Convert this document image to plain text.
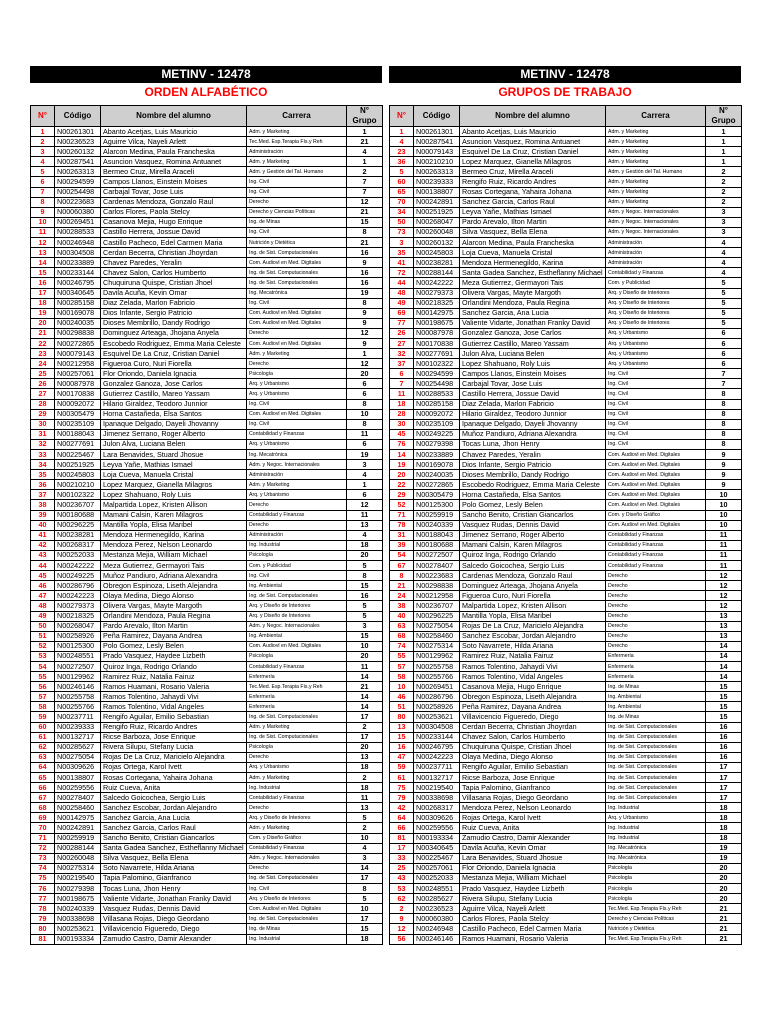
METINV - 12478
ORDEN ALFABÉTICO
N°	Código	Nombre del alumno	Carrera	N° Grupo
1	N00261301	Abanto Acetjas, Luis Mauricio	Adm. y Marketing	1
2	N00236523	Aguirre Vilca, Nayeli Arlett	Tec.Med. Esp.Terapia Fís.y Reh	21
3	N00260132	Alarcon Medina, Paula Francheska	Administración	4
4	N00287541	Asuncion Vasquez, Romina Antuanet	Adm. y Marketing	1
5	N00263313	Bermeo Cruz, Mirella Araceli	Adm. y Gestión del Tal. Humano	2
6	N00294599	Campos Llanos, Einstein Moises	Ing. Civil	7
7	N00254498	Carbajal Tovar, Jose Luis	Ing. Civil	7
8	N00223683	Cardenas Mendoza, Gonzalo Raul	Derecho	12
9	N00060380	Carlos Flores, Paola Stelcy	Derecho y Ciencias Políticas	21
10	N00269451	Casanova Mejia, Hugo Enrique	Ing. de Minas	15
11	N00288533	Castillo Herrera, Jossue David	Ing. Civil	8
12	N00246948	Castillo Pacheco, Edel Carmen Maria	Nutrición y Dietética	21
13	N00304508	Cerdan Becerra, Christian Jhoyrdan	Ing. de Sist. Computacionales	16
14	N00233889	Chavez Paredes, Yeralin	Com. Audiovl en Med. Digitales	9
15	N00233144	Chavez Salon, Carlos Humberto	Ing. de Sist. Computacionales	16
16	N00246795	Chuquiruna Quispe, Cristian Jhoel	Ing. de Sist. Computacionales	16
17	N00340645	Davila Acuña, Kevin Omar	Ing. Mecatrónica	19
18	N00285158	Diaz Zelada, Marlon Fabricio	Ing. Civil	8
19	N00169078	Dios Infante, Sergio Patricio	Com. Audiovl en Med. Digitales	9
20	N00240035	Dioses Membrillo, Dandy Rodrigo	Com. Audiovl en Med. Digitales	9
21	N00298838	Dominguez Arteaga, Jhojana Anyela	Derecho	12
22	N00272865	Escobedo Rodriguez, Emma Maria Celeste	Com. Audiovl en Med. Digitales	9
23	N00079143	Esquivel De La Cruz, Cristian Daniel	Adm. y Marketing	1
24	N00212958	Figueroa Curo, Nuri Fiorella	Derecho	12
25	N00257061	Flor Oriondo, Daniela Ignacia	Psicología	20
26	N00087978	Gonzalez Ganoza, Jose Carlos	Arq. y Urbanismo	6
27	N00170838	Gutierrez Castillo, Mareo Yassam	Arq. y Urbanismo	6
28	N00092072	Hilario Giraldez, Teodoro Junnior	Ing. Civil	8
29	N00305479	Horna Castañeda, Elsa Santos	Com. Audiovl en Med. Digitales	10
30	N00235109	Ipanaque Delgado, Dayeli Jhovanny	Ing. Civil	8
31	N00188043	Jimenez Serrano, Roger Alberto	Contabilidad y Finanzas	11
32	N00277691	Julon Alva, Luciana Belen	Arq. y Urbanismo	6
33	N00225467	Lara Benavides, Stuard Jhosue	Ing. Mecatrónica	19
34	N00251925	Leyva Yañe, Mathias Ismael	Adm. y Negoc. Internacionales	3
35	N00245803	Loja Cueva, Manuela Cristal	Administración	4
36	N00210210	Lopez Marquez, Gianella Milagros	Adm. y Marketing	1
37	N00102322	Lopez Shahuano, Roly Luis	Arq. y Urbanismo	6
38	N00236707	Malpartida Lopez, Kristen Allison	Derecho	12
39	N00180688	Mamani Calsin, Karen Milagros	Contabilidad y Finanzas	11
40	N00296225	Mantilla Yopla, Elisa Maribel	Derecho	13
41	N00238281	Mendoza Hermenegildo, Karina	Administración	4
42	N00268317	Mendoza Perez, Nelson Leonardo	Ing. Industrial	18
43	N00252033	Mestanza Mejia, William Michael	Psicología	20
44	N00242222	Meza Gutierrez, Germayori Tais	Com. y Publicidad	5
45	N00249225	Muñoz Pandiuro, Adriana Alexandra	Ing. Civil	8
46	N00286796	Obregon Espinoza, Liseth Alejandra	Ing. Ambiental	15
47	N00242223	Olaya Medina, Diego Alonso	Ing. de Sist. Computacionales	16
48	N00279373	Olivera Vargas, Mayte Margoth	Arq. y Diseño de Interiores	5
49	N00218325	Orlandini Mendoza, Paula Regina	Arq. y Diseño de Interiores	5
50	N00268047	Pardo Arevalo, Ilton Martin	Adm. y Negoc. Internacionales	3
51	N00258926	Peña Ramirez, Dayana Andrea	Ing. Ambiental	15
52	N00125300	Polo Gomez, Lesly Belen	Com. Audiovl en Med. Digitales	10
53	N00248551	Prado Vasquez, Haydee Lizbeth	Psicología	20
54	N00272507	Quiroz Inga, Rodrigo Orlando	Contabilidad y Finanzas	11
55	N00129962	Ramirez Ruiz, Natalia Fairuz	Enfermería	14
56	N00246146	Ramos Huamani, Rosario Valeria	Tec.Med. Esp.Terapia Fís.y Reh	21
57	N00255758	Ramos Tolentino, Jahaydi Vivi	Enfermería	14
58	N00255766	Ramos Tolentino, Vidal Angeles	Enfermería	14
59	N00237711	Rengifo Aguilar, Emilio Sebastian	Ing. de Sist. Computacionales	17
60	N00239333	Rengifo Ruiz, Ricardo Andres	Adm. y Marketing	2
61	N00132717	Ricse Barboza, Jose Enrique	Ing. de Sist. Computacionales	17
62	N00285627	Rivera Silupu, Stefany Lucia	Psicología	20
63	N00275054	Rojas De La Cruz, Maricielo Alejandra	Derecho	13
64	N00309626	Rojas Ortega, Karol Ivett	Arq. y Urbanismo	18
65	N00138807	Rosas Cortegana, Yahaira Johana	Adm. y Marketing	2
66	N00259556	Ruiz Cueva, Anita	Ing. Industrial	18
67	N00278407	Salcedo Goicochea, Sergio Luis	Contabilidad y Finanzas	11
68	N00258460	Sanchez Escobar, Jordan Alejandro	Derecho	13
69	N00142975	Sanchez Garcia, Ana Lucia	Arq. y Diseño de Interiores	5
70	N00242891	Sanchez Garcia, Carlos Raul	Adm. y Marketing	2
71	N00259919	Sancho Benito, Cristian Giancarlos	Com. y Diseño Gráfico	10
72	N00288144	Santa Gadea Sanchez, Estheflanny Michael	Contabilidad y Finanzas	4
73	N00260048	Silva Vasquez, Bella Elena	Adm. y Negoc. Internacionales	3
74	N00275314	Soto Navarrete, Hilda Ariana	Derecho	14
75	N00219540	Tapia Palomino, Gianfranco	Ing. de Sist. Computacionales	17
76	N00279398	Tocas Luna, Jhon Henry	Ing. Civil	8
77	N00198675	Valiente Vidarte, Jonathan Franky David	Arq. y Diseño de Interiores	5
78	N00240339	Vasquez Rudas, Dennis David	Com. Audiovl en Med. Digitales	10
79	N00338698	Villasana Rojas, Diego Geordano	Ing. de Sist. Computacionales	17
80	N00253621	Villavicencio Figueredo, Diego	Ing. de Minas	15
81	N00193334	Zamudio Castro, Damir Alexander	Ing. Industrial	18
METINV - 12478
GRUPOS DE TRABAJO
N°	Código	Nombre del alumno	Carrera	N° Grupo
1	N00261301	Abanto Acetjas, Luis Mauricio	Adm. y Marketing	1
4	N00287541	Asuncion Vasquez, Romina Antuanet	Adm. y Marketing	1
23	N00079143	Esquivel De La Cruz, Cristian Daniel	Adm. y Marketing	1
36	N00210210	Lopez Marquez, Gianella Milagros	Adm. y Marketing	1
5	N00263313	Bermeo Cruz, Mirella Araceli	Adm. y Gestión del Tal. Humano	2
60	N00239333	Rengifo Ruiz, Ricardo Andres	Adm. y Marketing	2
65	N00138807	Rosas Cortegana, Yahaira Johana	Adm. y Marketing	2
70	N00242891	Sanchez Garcia, Carlos Raul	Adm. y Marketing	2
34	N00251925	Leyva Yañe, Mathias Ismael	Adm. y Negoc. Internacionales	3
50	N00268047	Pardo Arevalo, Ilton Martin	Adm. y Negoc. Internacionales	3
73	N00260048	Silva Vasquez, Bella Elena	Adm. y Negoc. Internacionales	3
3	N00260132	Alarcon Medina, Paula Francheska	Administración	4
35	N00245803	Loja Cueva, Manuela Cristal	Administración	4
41	N00238281	Mendoza Hermenegildo, Karina	Administración	4
72	N00288144	Santa Gadea Sanchez, Estheflanny Michael	Contabilidad y Finanzas	4
44	N00242222	Meza Gutierrez, Germayori Tais	Com. y Publicidad	5
48	N00279373	Olivera Vargas, Mayte Margoth	Arq. y Diseño de Interiores	5
49	N00218325	Orlandini Mendoza, Paula Regina	Arq. y Diseño de Interiores	5
69	N00142975	Sanchez Garcia, Ana Lucia	Arq. y Diseño de Interiores	5
77	N00198675	Valiente Vidarte, Jonathan Franky David	Arq. y Diseño de Interiores	5
26	N00087978	Gonzalez Ganoza, Jose Carlos	Arq. y Urbanismo	6
27	N00170838	Gutierrez Castillo, Mareo Yassam	Arq. y Urbanismo	6
32	N00277691	Julon Alva, Luciana Belen	Arq. y Urbanismo	6
37	N00102322	Lopez Shahuano, Roly Luis	Arq. y Urbanismo	6
6	N00294599	Campos Llanos, Einstein Moises	Ing. Civil	7
7	N00254498	Carbajal Tovar, Jose Luis	Ing. Civil	7
11	N00288533	Castillo Herrera, Jossue David	Ing. Civil	8
18	N00285158	Diaz Zelada, Marlon Fabricio	Ing. Civil	8
28	N00092072	Hilario Giraldez, Teodoro Junnior	Ing. Civil	8
30	N00235109	Ipanaque Delgado, Dayeli Jhovanny	Ing. Civil	8
45	N00249225	Muñoz Pandiuro, Adriana Alexandra	Ing. Civil	8
76	N00279398	Tocas Luna, Jhon Henry	Ing. Civil	8
14	N00233889	Chavez Paredes, Yeralin	Com. Audiovl en Med. Digitales	9
19	N00169078	Dios Infante, Sergio Patricio	Com. Audiovl en Med. Digitales	9
20	N00240035	Dioses Membrillo, Dandy Rodrigo	Com. Audiovl en Med. Digitales	9
22	N00272865	Escobedo Rodriguez, Emma Maria Celeste	Com. Audiovl en Med. Digitales	9
29	N00305479	Horna Castañeda, Elsa Santos	Com. Audiovl en Med. Digitales	10
52	N00125300	Polo Gomez, Lesly Belen	Com. Audiovl en Med. Digitales	10
71	N00259919	Sancho Benito, Cristian Giancarlos	Com. y Diseño Gráfico	10
78	N00240339	Vasquez Rudas, Dennis David	Com. Audiovl en Med. Digitales	10
31	N00188043	Jimenez Serrano, Roger Alberto	Contabilidad y Finanzas	11
39	N00180688	Mamani Calsin, Karen Milagros	Contabilidad y Finanzas	11
54	N00272507	Quiroz Inga, Rodrigo Orlando	Contabilidad y Finanzas	11
67	N00278407	Salcedo Goicochea, Sergio Luis	Contabilidad y Finanzas	11
8	N00223683	Cardenas Mendoza, Gonzalo Raul	Derecho	12
21	N00298838	Dominguez Arteaga, Jhojana Anyela	Derecho	12
24	N00212958	Figueroa Curo, Nuri Fiorella	Derecho	12
38	N00236707	Malpartida Lopez, Kristen Allison	Derecho	12
40	N00296225	Mantilla Yopla, Elisa Maribel	Derecho	13
63	N00275054	Rojas De La Cruz, Maricielo Alejandra	Derecho	13
68	N00258460	Sanchez Escobar, Jordan Alejandro	Derecho	13
74	N00275314	Soto Navarrete, Hilda Ariana	Derecho	14
55	N00129962	Ramirez Ruiz, Natalia Fairuz	Enfermería	14
57	N00255758	Ramos Tolentino, Jahaydi Vivi	Enfermería	14
58	N00255766	Ramos Tolentino, Vidal Angeles	Enfermería	14
10	N00269451	Casanova Mejia, Hugo Enrique	Ing. de Minas	15
46	N00286796	Obregon Espinoza, Liseth Alejandra	Ing. Ambiental	15
51	N00258926	Peña Ramirez, Dayana Andrea	Ing. Ambiental	15
80	N00253621	Villavicencio Figueredo, Diego	Ing. de Minas	15
13	N00304508	Cerdan Becerra, Christian Jhoyrdan	Ing. de Sist. Computacionales	16
15	N00233144	Chavez Salon, Carlos Humberto	Ing. de Sist. Computacionales	16
16	N00246795	Chuquiruna Quispe, Cristian Jhoel	Ing. de Sist. Computacionales	16
47	N00242223	Olaya Medina, Diego Alonso	Ing. de Sist. Computacionales	16
59	N00237711	Rengifo Aguilar, Emilio Sebastian	Ing. de Sist. Computacionales	17
61	N00132717	Ricse Barboza, Jose Enrique	Ing. de Sist. Computacionales	17
75	N00219540	Tapia Palomino, Gianfranco	Ing. de Sist. Computacionales	17
79	N00338698	Villasana Rojas, Diego Geordano	Ing. de Sist. Computacionales	17
42	N00268317	Mendoza Perez, Nelson Leonardo	Ing. Industrial	18
64	N00309626	Rojas Ortega, Karol Ivett	Arq. y Urbanismo	18
66	N00259556	Ruiz Cueva, Anita	Ing. Industrial	18
81	N00193334	Zamudio Castro, Damir Alexander	Ing. Industrial	18
17	N00340645	Davila Acuña, Kevin Omar	Ing. Mecatrónica	19
33	N00225467	Lara Benavides, Stuard Jhosue	Ing. Mecatrónica	19
25	N00257061	Flor Oriondo, Daniela Ignacia	Psicología	20
43	N00252033	Mestanza Mejia, William Michael	Psicología	20
53	N00248551	Prado Vasquez, Haydee Lizbeth	Psicología	20
62	N00285627	Rivera Silupu, Stefany Lucia	Psicología	20
2	N00236523	Aguirre Vilca, Nayeli Arlett	Tec.Med. Esp.Terapia Fís.y Reh	21
9	N00060380	Carlos Flores, Paola Stelcy	Derecho y Ciencias Políticas	21
12	N00246948	Castillo Pacheco, Edel Carmen Maria	Nutrición y Dietética	21
56	N00246146	Ramos Huamani, Rosario Valeria	Tec.Med. Esp.Terapia Fís.y Reh	21
